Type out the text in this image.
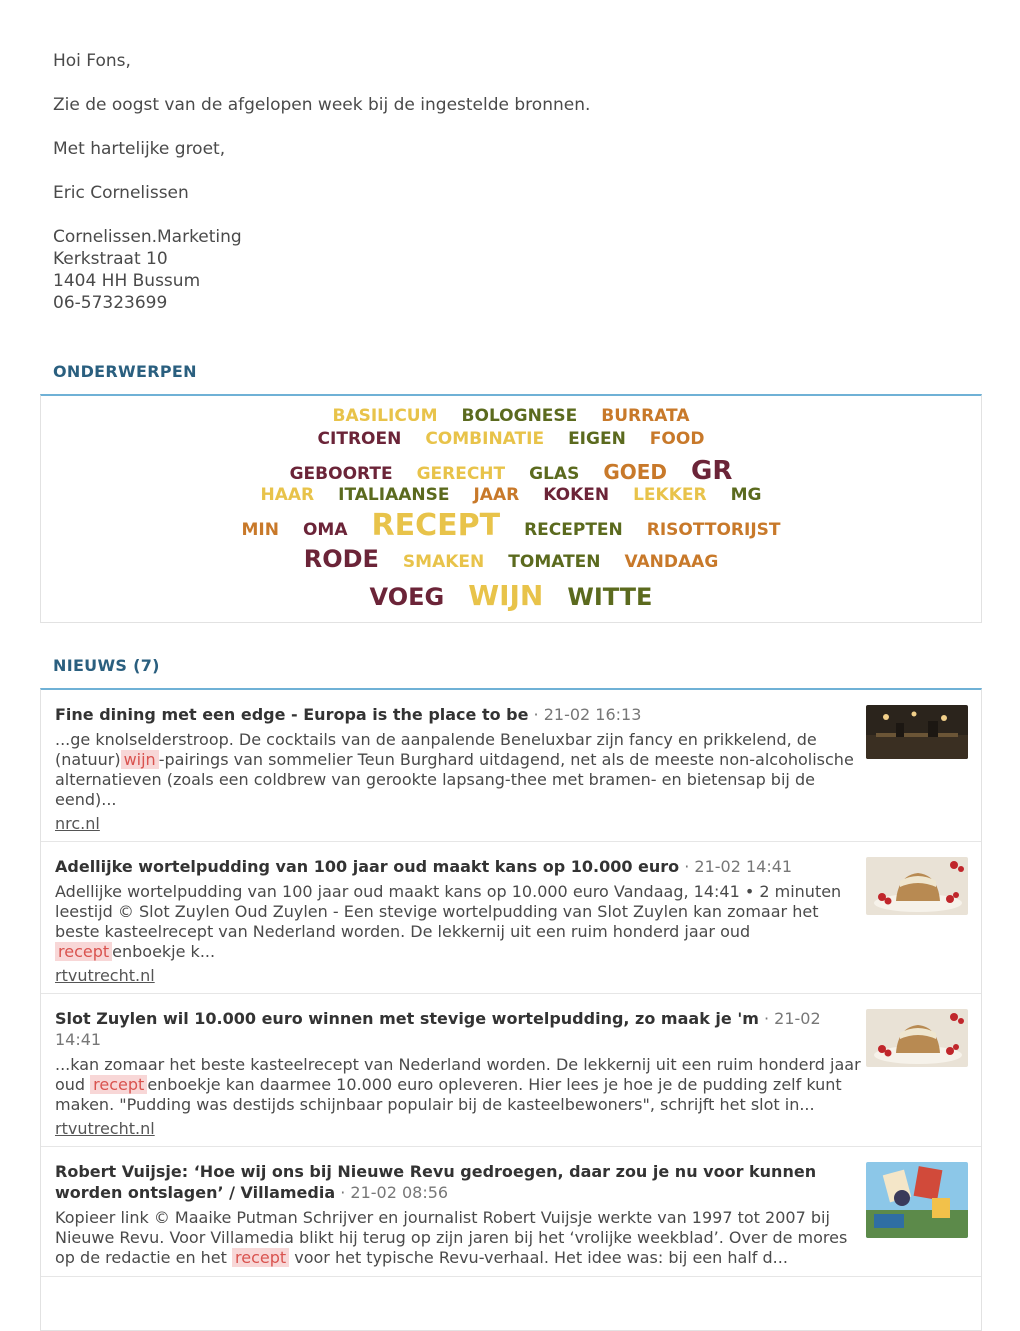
Hoi Fons,

Zie de oogst van de afgelopen week bij de ingestelde bronnen.

Met hartelijke groet,

Eric Cornelissen

Cornelissen.Marketing

Kerkstraat 10

1404 HH Bussum

06-57323699

ONDERWERPEN
BASILICUM BOLOGNESE BURRATA
CITROEN COMBINATIE EIGEN FOOD
GEBOORTE GERECHT GLAS GOED GR
HAAR ITALIAANSE JAAR KOKEN LEKKER MG
MIN OMA RECEPT RECEPTEN RISOTTORIJST
RODE SMAKEN TOMATEN VANDAAG
VOEG WIJN WITTE
NIEUWS (7)
Fine dining met een edge - Europa is the place to be · 21-02 16:13
...ge knolselderstroop. De cocktails van de aanpalende Beneluxbar zijn fancy en prikkelend, de (natuur) wijn -pairings van sommelier Teun Burghard uitdagend, net als de meeste non-alcoholische alternatieven (zoals een coldbrew van gerookte lapsang-thee met bramen- en bietensap bij de eend)...
nrc.nl
Adellijke wortelpudding van 100 jaar oud maakt kans op 10.000 euro · 21-02 14:41
Adellijke wortelpudding van 100 jaar oud maakt kans op 10.000 euro Vandaag, 14:41 • 2 minuten leestijd © Slot Zuylen Oud Zuylen - Een stevige wortelpudding van Slot Zuylen kan zomaar het beste kasteelrecept van Nederland worden. De lekkernij uit een ruim honderd jaar oud recept enboekje k...
rtvutrecht.nl
Slot Zuylen wil 10.000 euro winnen met stevige wortelpudding, zo maak je 'm · 21-02 14:41
...kan zomaar het beste kasteelrecept van Nederland worden. De lekkernij uit een ruim honderd jaar oud recept enboekje kan daarmee 10.000 euro opleveren. Hier lees je hoe je de pudding zelf kunt maken. "Pudding was destijds schijnbaar populair bij de kasteelbewoners", schrijft het slot in...
rtvutrecht.nl
Robert Vuijsje: ‘Hoe wij ons bij Nieuwe Revu gedroegen, daar zou je nu voor kunnen worden ontslagen’ / Villamedia · 21-02 08:56
Kopieer link © Maaike Putman Schrijver en journalist Robert Vuijsje werkte van 1997 tot 2007 bij Nieuwe Revu. Voor Villamedia blikt hij terug op zijn jaren bij het ‘vrolijke weekblad’. Over de mores op de redactie en het recept voor het typische Revu-verhaal. Het idee was: bij een half d...
